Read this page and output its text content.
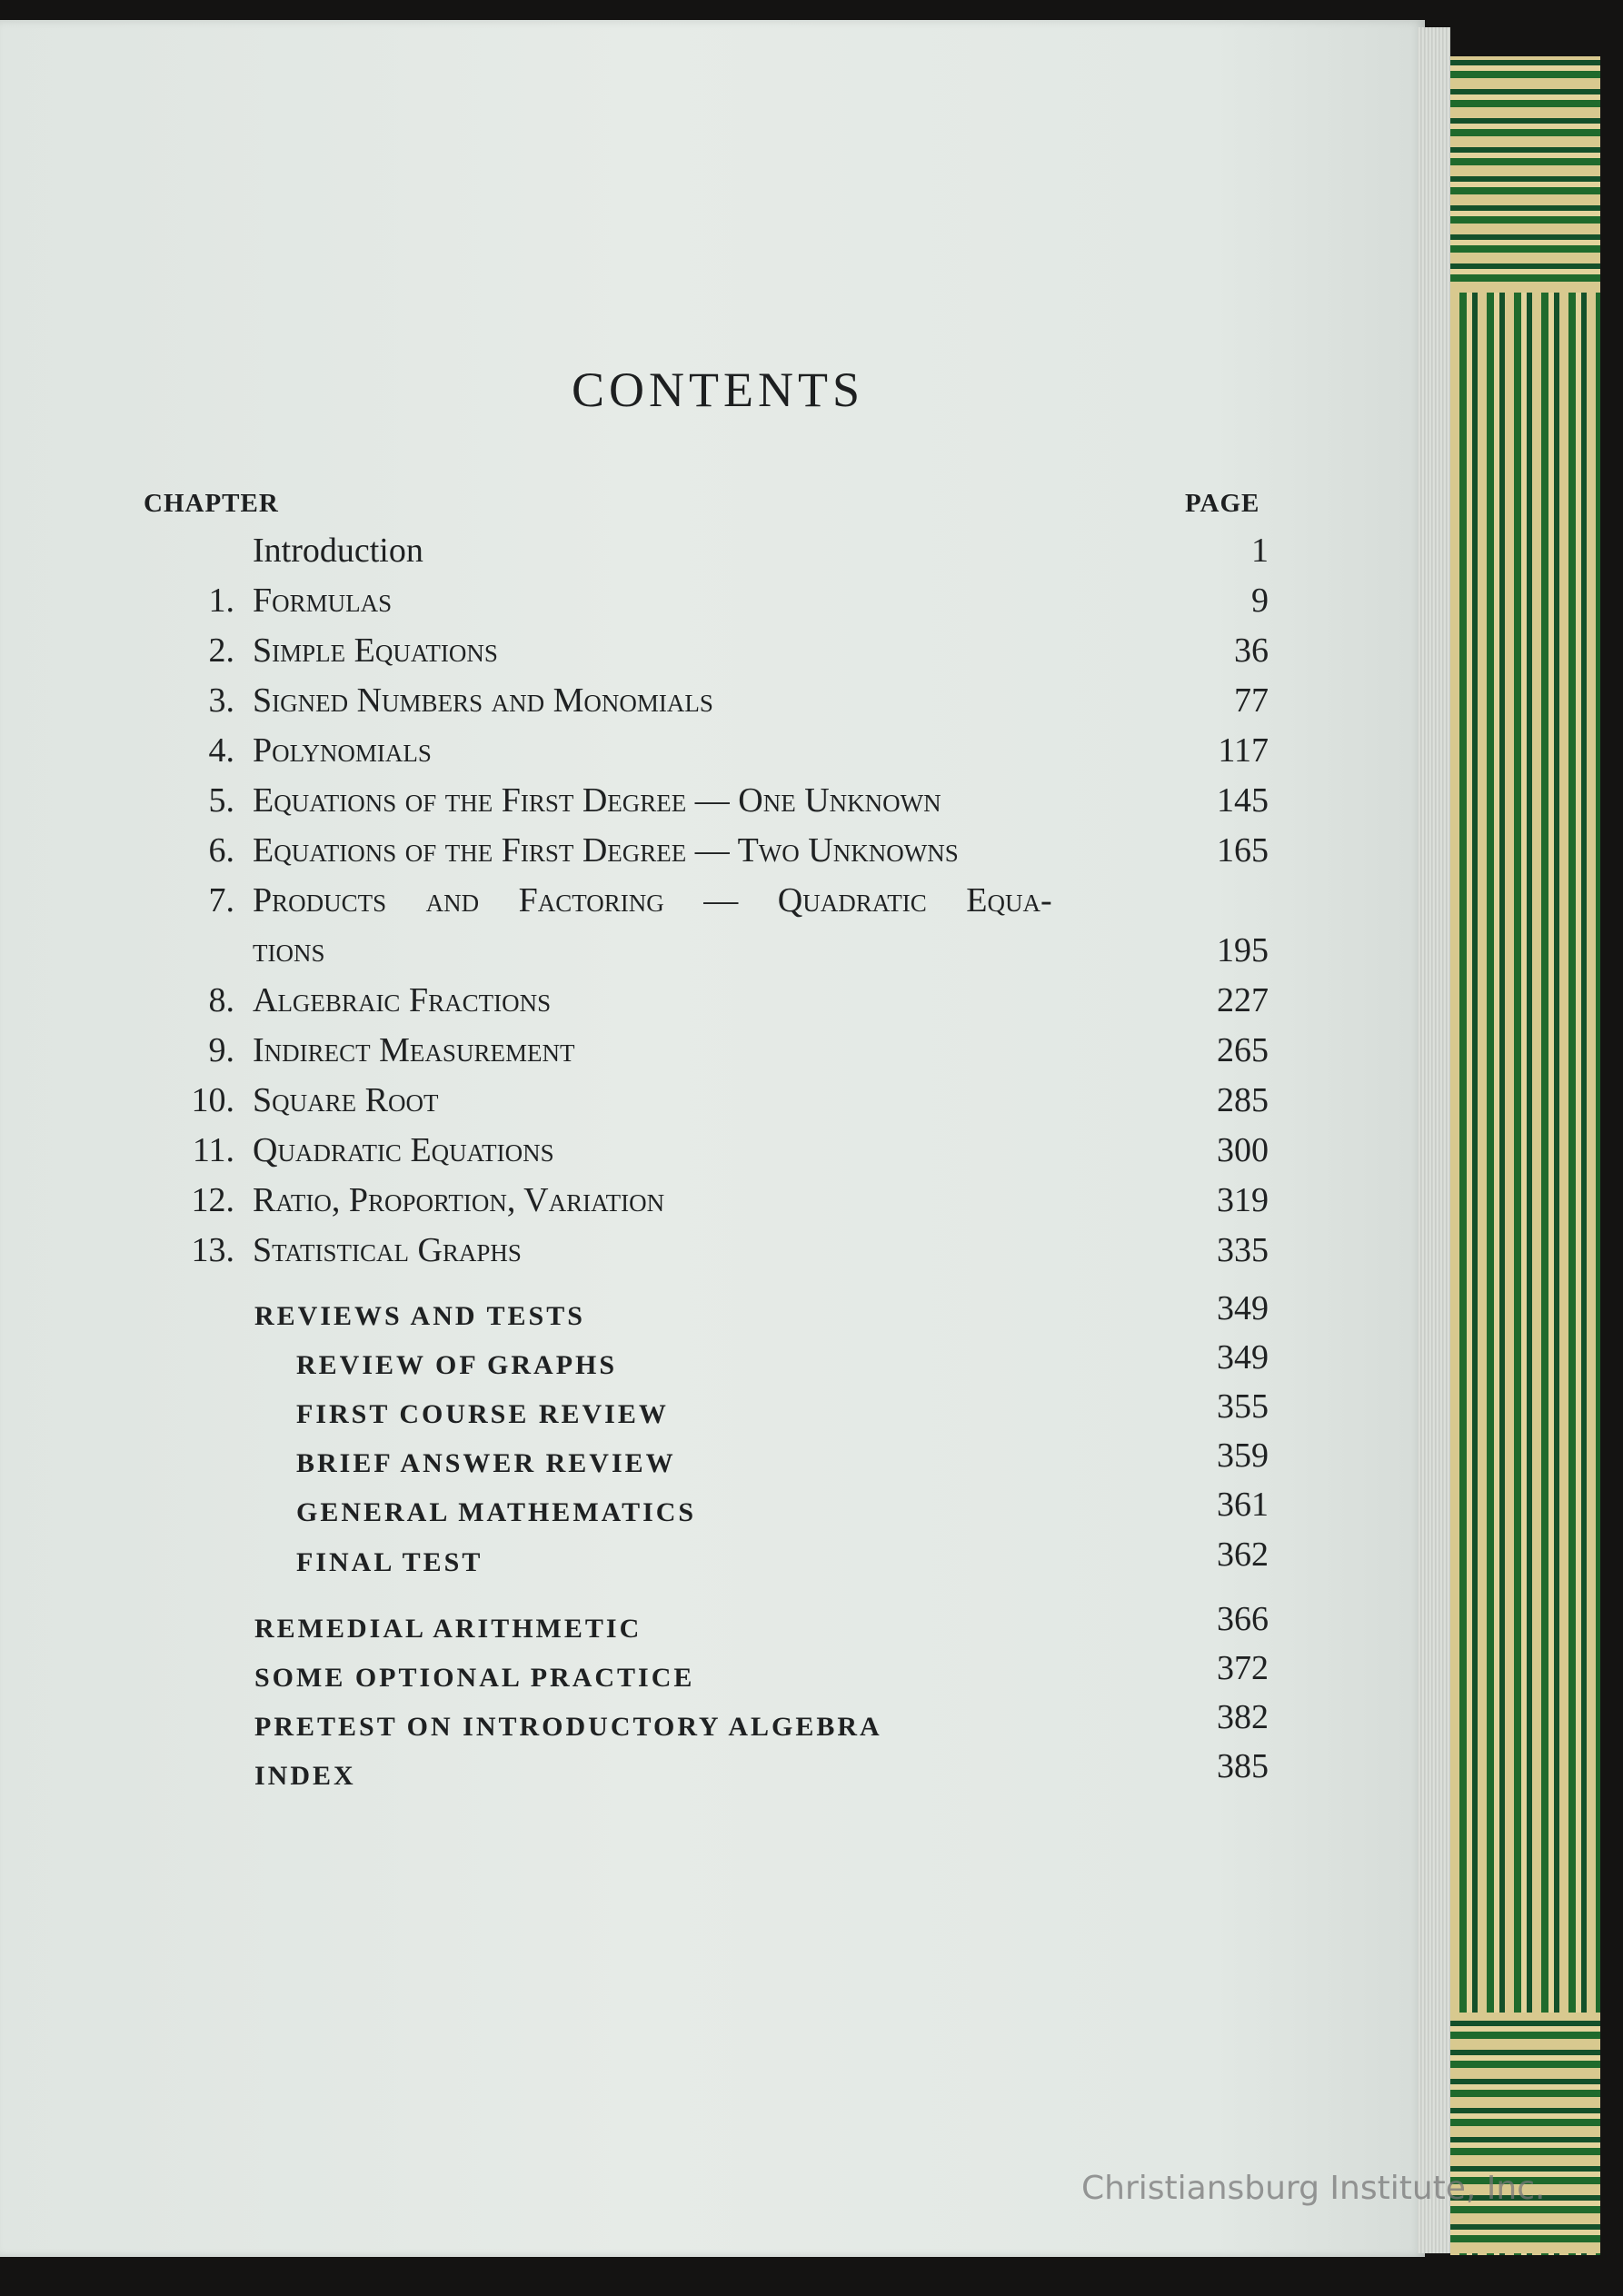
CONTENTS
CHAPTER	PAGE
Introduction	1
1. Formulas	9
2. Simple Equations	36
3. Signed Numbers and Monomials	77
4. Polynomials	117
5. Equations of the First Degree — One Unknown	145
6. Equations of the First Degree — Two Unknowns	165
7. Products and Factoring — Quadratic Equa-
tions	195
8. Algebraic Fractions	227
9. Indirect Measurement	265
10. Square Root	285
11. Quadratic Equations	300
12. Ratio, Proportion, Variation	319
13. Statistical Graphs	335
REVIEWS AND TESTS	349
REVIEW OF GRAPHS	349
FIRST COURSE REVIEW	355
BRIEF ANSWER REVIEW	359
GENERAL MATHEMATICS	361
FINAL TEST	362
REMEDIAL ARITHMETIC	366
SOME OPTIONAL PRACTICE	372
PRETEST ON INTRODUCTORY ALGEBRA	382
INDEX	385
Christiansburg Institute, Inc.
